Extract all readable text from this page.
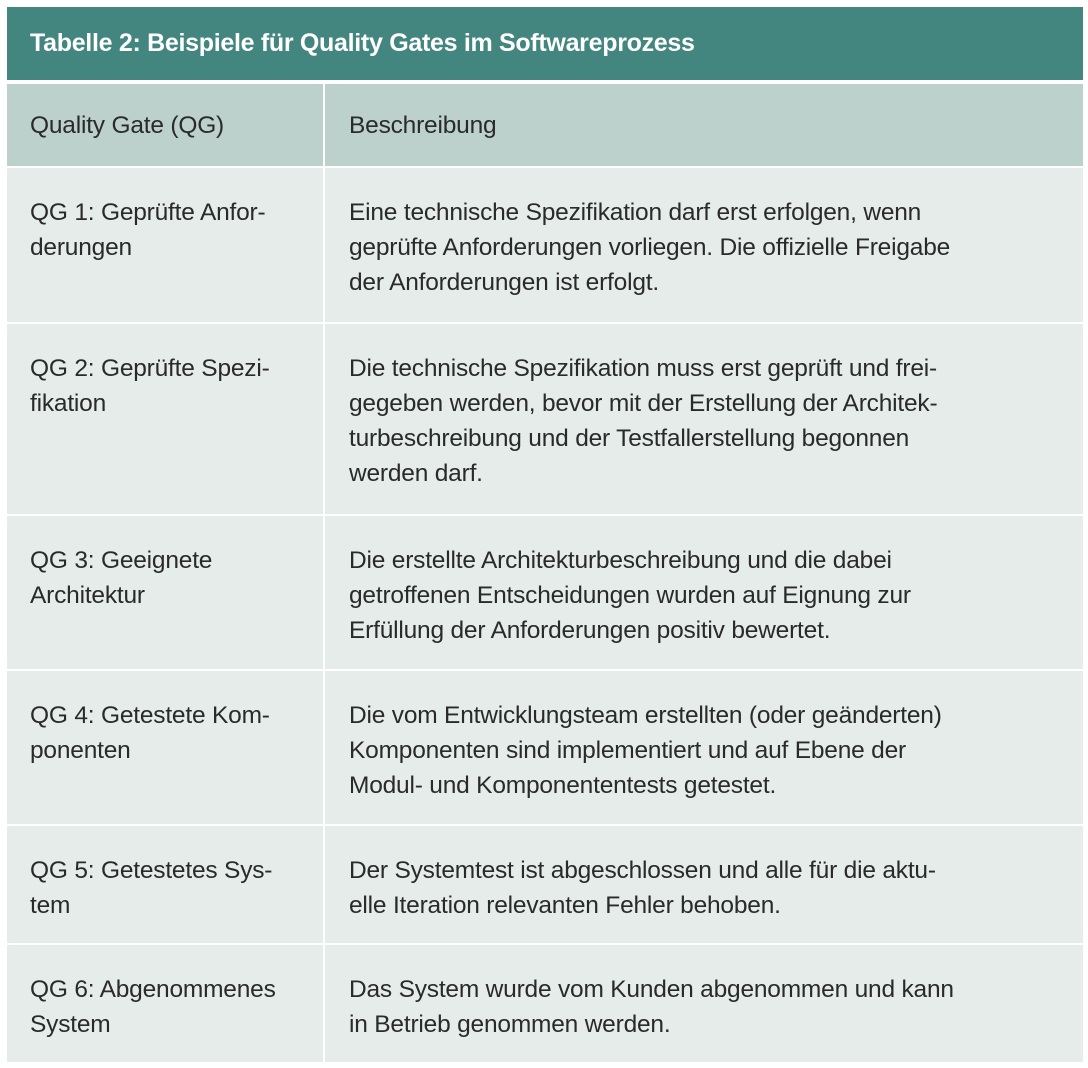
Tabelle 2: Beispiele für Quality Gates im Softwareprozess
Quality Gate (QG)	Beschreibung
QG 1: Geprüfte Anfor-
derungen
Eine technische Spezifikation darf erst erfolgen, wenn
geprüfte Anforderungen vorliegen. Die offizielle Freigabe
der Anforderungen ist erfolgt.
QG 2: Geprüfte Spezi-
fikation
Die technische Spezifikation muss erst geprüft und frei-
gegeben werden, bevor mit der Erstellung der Architek-
turbeschreibung und der Testfallerstellung begonnen
werden darf.
QG 3: Geeignete
Architektur
Die erstellte Architekturbeschreibung und die dabei
getroffenen Entscheidungen wurden auf Eignung zur
Erfüllung der Anforderungen positiv bewertet.
QG 4: Getestete Kom-
ponenten
Die vom Entwicklungsteam erstellten (oder geänderten)
Komponenten sind implementiert und auf Ebene der
Modul- und Komponententests getestet.
QG 5: Getestetes Sys-
tem
Der Systemtest ist abgeschlossen und alle für die aktu-
elle Iteration relevanten Fehler behoben.
QG 6: Abgenommenes
System
Das System wurde vom Kunden abgenommen und kann
in Betrieb genommen werden.
